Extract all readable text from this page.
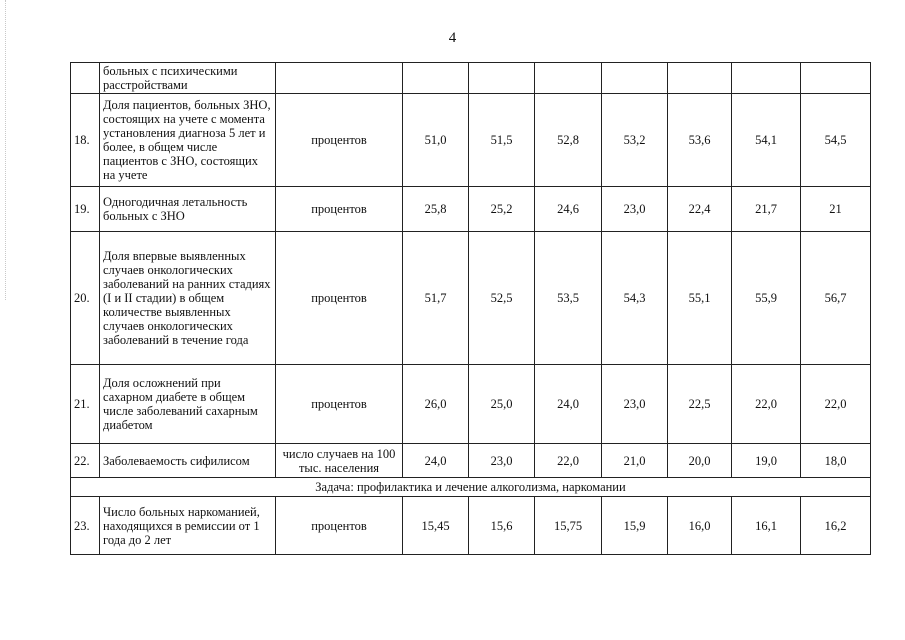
4
	больных с психическими расстройствами								
18.	Доля пациентов, больных ЗНО, состоящих на учете с момента установления диагноза 5 лет и более, в общем числе пациентов с ЗНО, состоящих на учете	процентов	51,0	51,5	52,8	53,2	53,6	54,1	54,5
19.	Одногодичная летальность больных с ЗНО	процентов	25,8	25,2	24,6	23,0	22,4	21,7	21
20.	Доля впервые выявленных случаев онкологических заболеваний на ранних стадиях (I и II стадии) в общем количестве выявленных случаев онкологических заболеваний в течение года	процентов	51,7	52,5	53,5	54,3	55,1	55,9	56,7
21.	Доля осложнений при сахарном диабете в общем числе заболеваний сахарным диабетом	процентов	26,0	25,0	24,0	23,0	22,5	22,0	22,0
22.	Заболеваемость сифилисом	число случаев на 100 тыс. населения	24,0	23,0	22,0	21,0	20,0	19,0	18,0
Задача: профилактика и лечение алкоголизма, наркомании									
23.	Число больных наркоманией, находящихся в ремиссии от 1 года до 2 лет	процентов	15,45	15,6	15,75	15,9	16,0	16,1	16,2
